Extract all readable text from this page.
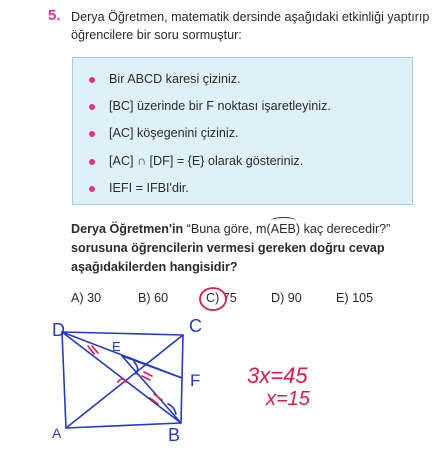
5. Derya Öğretmen, matematik dersinde aşağıdaki etkinliği yaptırıp öğrencilere bir soru sormuştur:
Bir ABCD karesi çiziniz.
[BC] üzerinde bir F noktası işaretleyiniz.
[AC] köşegenini çiziniz.
[AC] ∩ [DF] = {E} olarak gösteriniz.
IEFI = IFBI'dir.
Derya Öğretmen'in “Buna göre, m(AEB) kaç derecedir?” sorusuna öğrencilerin vermesi gereken doğru cevap aşağıdakilerden hangisidir?
A) 30	B) 60	C) 75	D) 90	E) 105
D	C
F
E
A	B
3x=45
x=15
